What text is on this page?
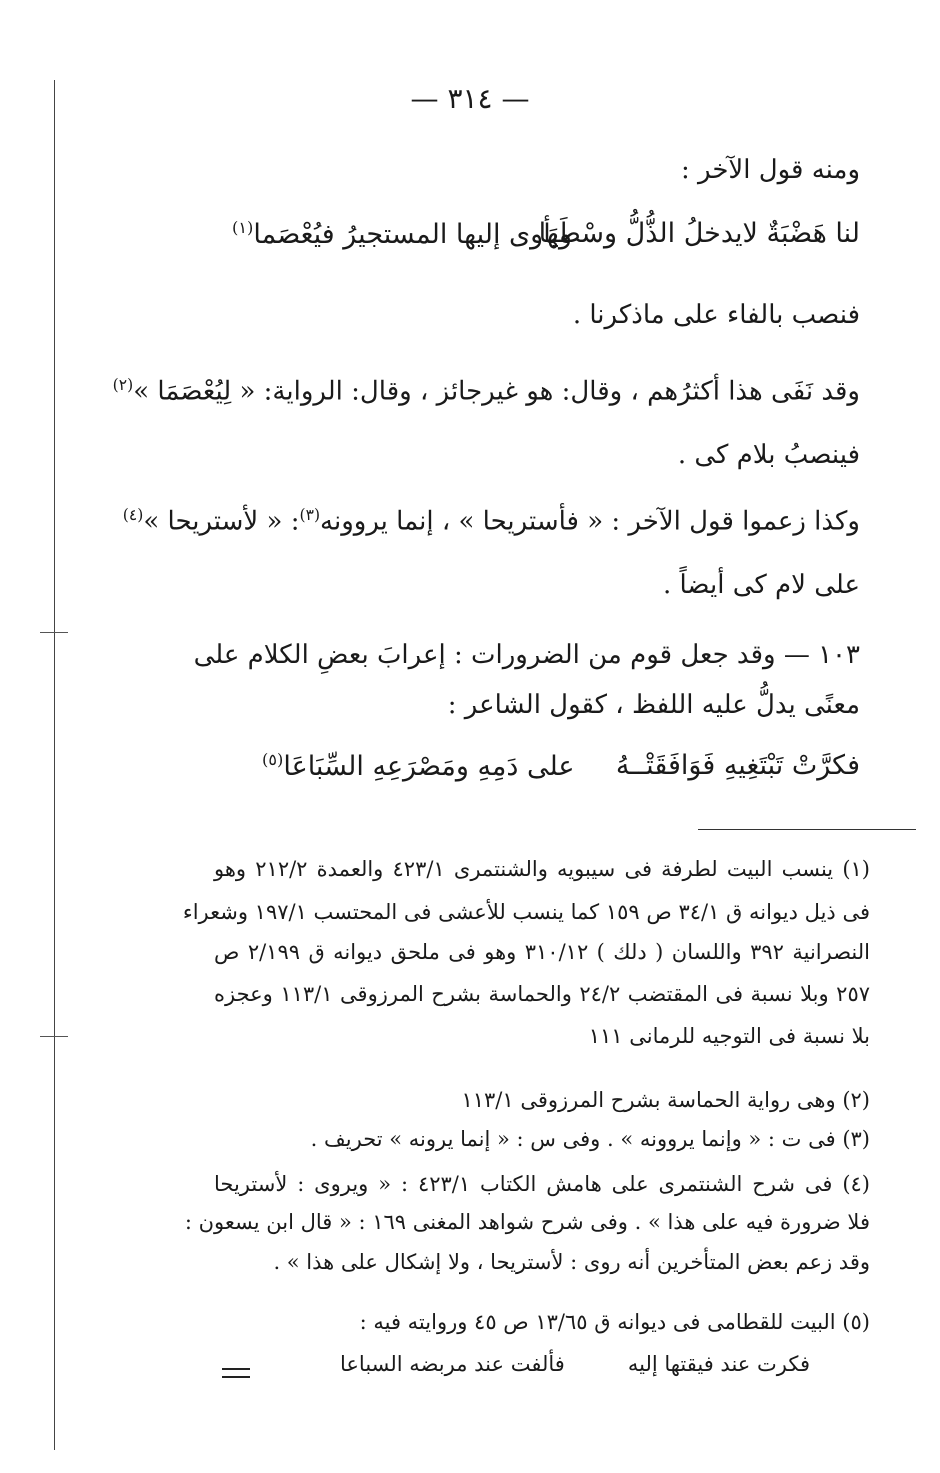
— ٣١٤ —
ومنه قول الآخر :
لنا هَضْبَةٌ لايدخلُ الذُّلُّ وسْطَهَا
ويأوى إليها المستجيرُ فيُعْصَما$^{(١)}$
فنصب بالفاء على ماذكرنا .
وقد نَفَى هذا أكثرُهم ، وقال: هو غيرجائز ، وقال: الرواية: « لِيُعْصَمَا »$^{(٢)}$
فينصبُ بلام كى .
وكذا زعموا قول الآخر : « فأستريحا » ، إنما يروونه$^{(٣)}$: « لأستريحا »$^{(٤)}$
على لام كى أيضاً .
١٠٣ — وقد جعل قوم من الضرورات : إعرابَ بعضِ الكلام على
معنًى يدلُّ عليه اللفظ ، كقول الشاعر :
فكرَّتْ تَبْتَغِيهِ فَوَافَقَتْــهُ
على دَمِهِ ومَصْرَعِهِ السِّبَاعَا$^{(٥)}$
(١) ينسب البيت لطرفة فى سيبويه والشنتمرى ٤٢٣/١ والعمدة ٢١٢/٢ وهو
فى ذيل ديوانه ق ٣٤/١ ص ١٥٩ كما ينسب للأعشى فى المحتسب ١٩٧/١ وشعراء
النصرانية ٣٩٢ واللسان ( دلك ) ٣١٠/١٢ وهو فى ملحق ديوانه ق ٢/١٩٩ ص
٢٥٧ وبلا نسبة فى المقتضب ٢٤/٢ والحماسة بشرح المرزوقى ١١٣/١ وعجزه
بلا نسبة فى التوجيه للرمانى ١١١
(٢) وهى رواية الحماسة بشرح المرزوقى ١١٣/١
(٣) فى ت : « وإنما يروونه » . وفى س : « إنما يرونه » تحريف .
(٤) فى شرح الشنتمرى على هامش الكتاب ٤٢٣/١ : « ويروى : لأستريحا
فلا ضرورة فيه على هذا » . وفى شرح شواهد المغنى ١٦٩ : « قال ابن يسعون :
وقد زعم بعض المتأخرين أنه روى : لأستريحا ، ولا إشكال على هذا » .
(٥) البيت للقطامى فى ديوانه ق ١٣/٦٥ ص ٤٥ وروايته فيه :
فكرت عند فيقتها إليه
فألفت عند مربضه السباعا
